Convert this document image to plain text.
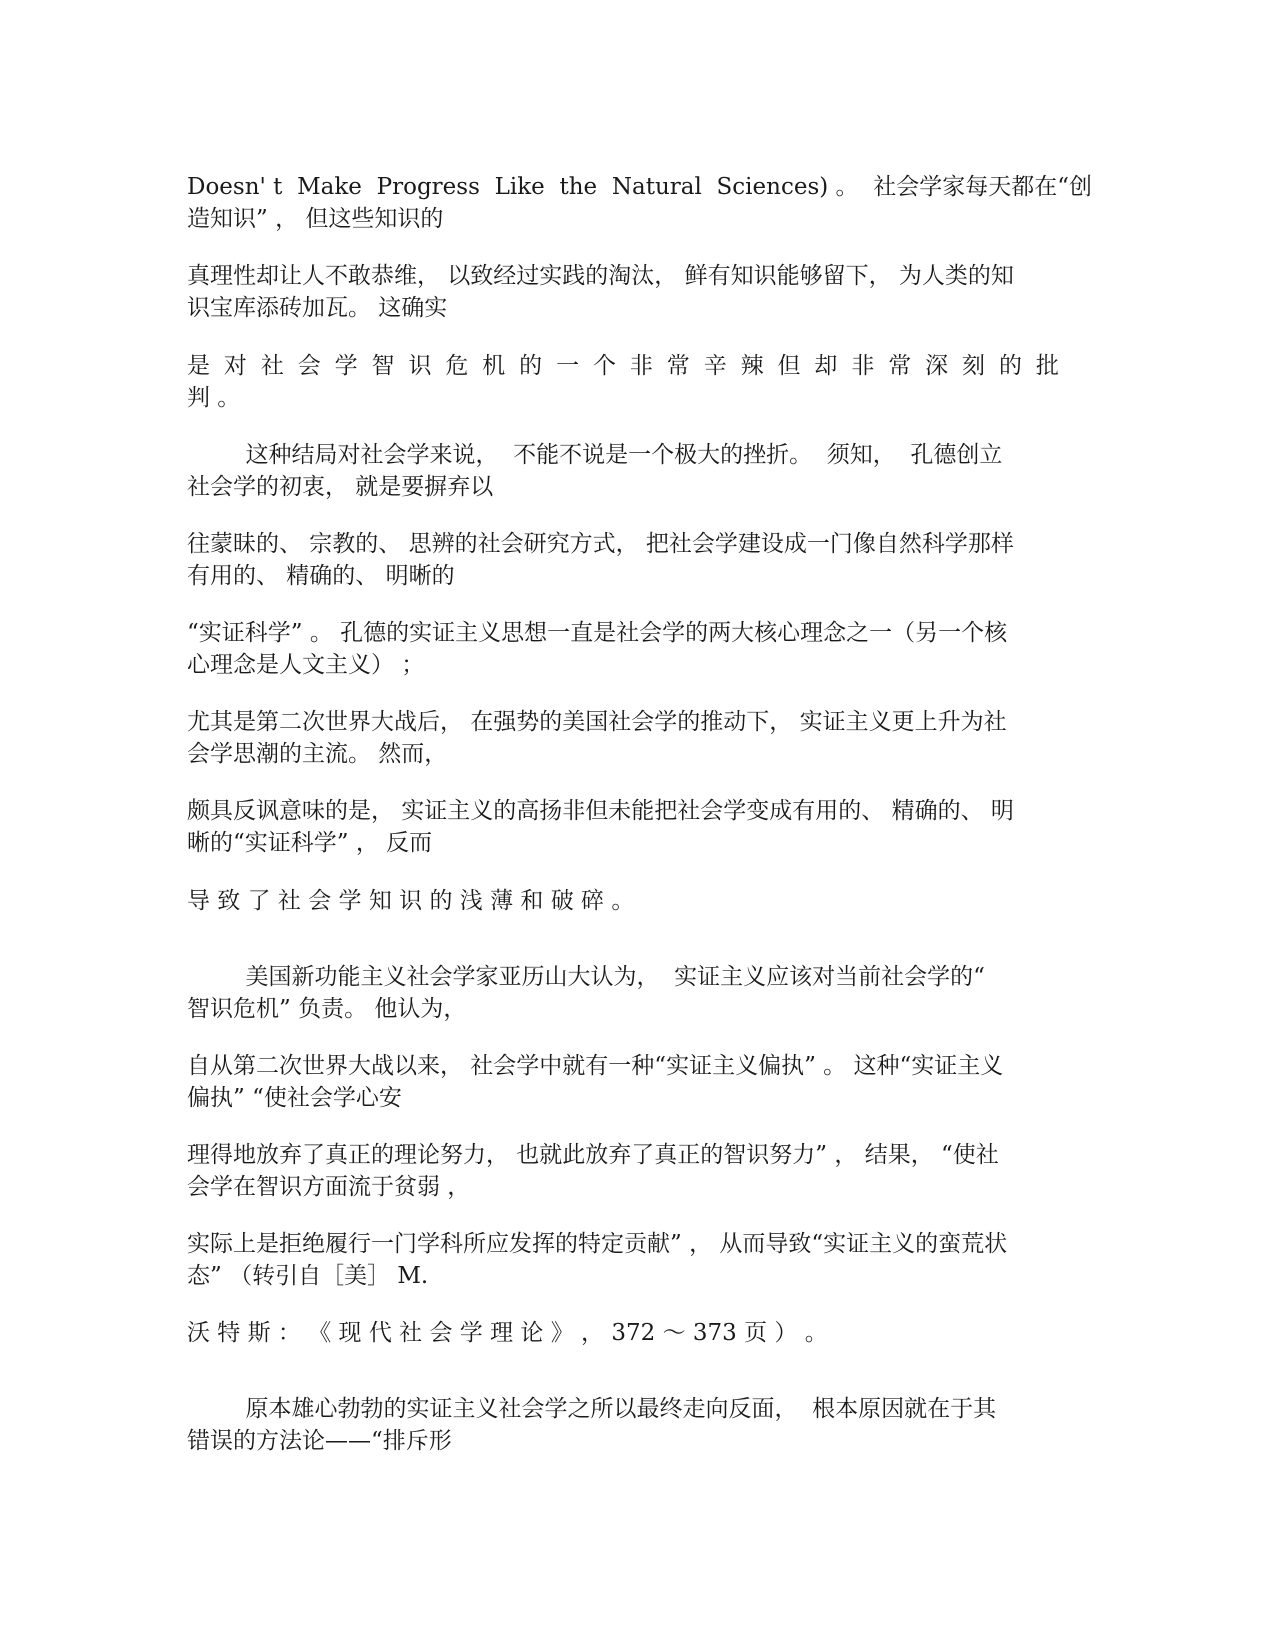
Doesn' t Make Progress Like the Natural Sciences) 。 社会学家每天都在“创
造知识” ， 但这些知识的
真理性却让人不敢恭维， 以致经过实践的淘汰， 鲜有知识能够留下， 为人类的知
识宝库添砖加瓦。 这确实
是 对 社 会 学 智 识 危 机 的 一 个 非 常 辛 辣 但 却 非 常 深 刻 的 批
判 。
这种结局对社会学来说，  不能不说是一个极大的挫折。  须知，  孔德创立
社会学的初衷， 就是要摒弃以
往蒙昧的、 宗教的、 思辨的社会研究方式， 把社会学建设成一门像自然科学那样
有用的、 精确的、 明晰的
“实证科学” 。 孔德的实证主义思想一直是社会学的两大核心理念之一（另一个核
心理念是人文主义） ；
尤其是第二次世界大战后， 在强势的美国社会学的推动下， 实证主义更上升为社
会学思潮的主流。 然而，
颇具反讽意味的是， 实证主义的高扬非但未能把社会学变成有用的、 精确的、 明
晰的“实证科学” ， 反而
导 致 了 社 会 学 知 识 的 浅 薄 和 破 碎 。
美国新功能主义社会学家亚历山大认为，  实证主义应该对当前社会学的“
智识危机” 负责。 他认为，
自从第二次世界大战以来， 社会学中就有一种“实证主义偏执” 。 这种“实证主义
偏执” “使社会学心安
理得地放弃了真正的理论努力， 也就此放弃了真正的智识努力” ， 结果， “使社
会学在智识方面流于贫弱 ，
实际上是拒绝履行一门学科所应发挥的特定贡献” ， 从而导致“实证主义的蛮荒状
态” （转引自［美］ M.
沃 特 斯 ： 《 现 代 社 会 学 理 论 》 ， 372 ～ 373 页 ） 。
原本雄心勃勃的实证主义社会学之所以最终走向反面，  根本原因就在于其
错误的方法论——“排斥形
